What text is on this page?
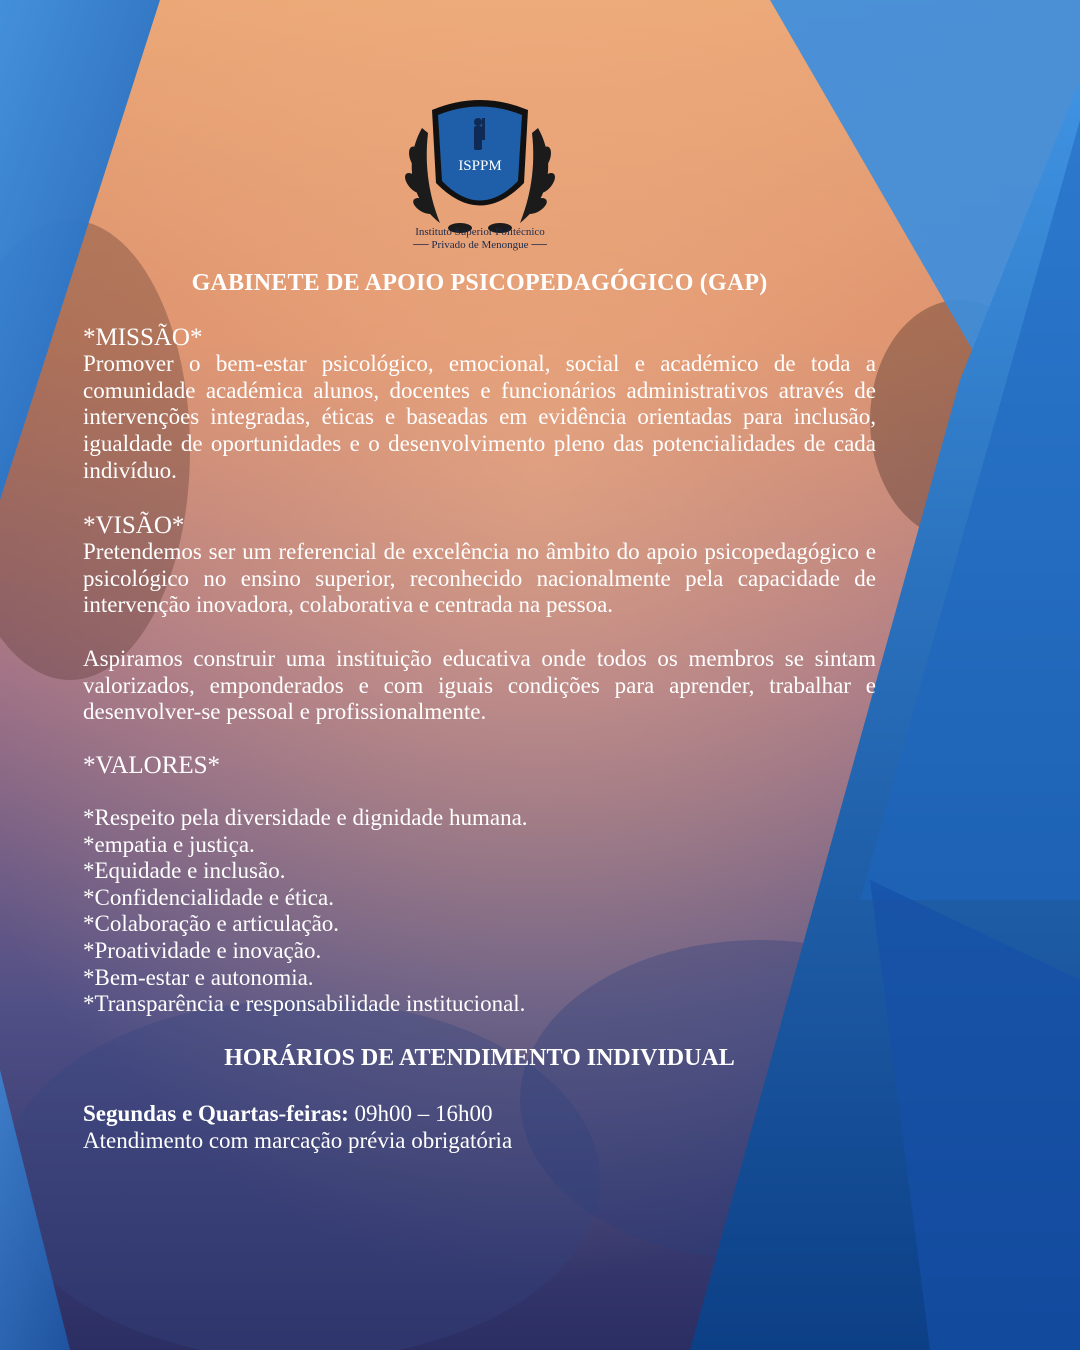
ISPPM
Instituto Superior Politécnico
── Privado de Menongue ──
GABINETE DE APOIO PSICOPEDAGÓGICO (GAP)
*MISSÃO*

Promover o bem-estar psicológico, emocional, social e académico de toda a comunidade académica alunos, docentes e funcionários administrativos através de intervenções integradas, éticas e baseadas em evidência orientadas para inclusão, igualdade de oportunidades e o desenvolvimento pleno das potencialidades de cada indivíduo.

*VISÃO*

Pretendemos ser um referencial de excelência no âmbito do apoio psicopedagógico e psicológico no ensino superior, reconhecido nacionalmente pela capacidade de intervenção inovadora, colaborativa e centrada na pessoa.

Aspiramos construir uma instituição educativa onde todos os membros se sintam valorizados, emponderados e com iguais condições para aprender, trabalhar e desenvolver-se pessoal e profissionalmente.

*VALORES*
*Respeito pela diversidade e dignidade humana.
*empatia e justiça.
*Equidade e inclusão.
*Confidencialidade e ética.
*Colaboração e articulação.
*Proatividade e inovação.
*Bem-estar e autonomia.
*Transparência e responsabilidade institucional.
HORÁRIOS DE ATENDIMENTO INDIVIDUAL
Segundas e Quartas-feiras: 09h00 – 16h00
Atendimento com marcação prévia obrigatória
